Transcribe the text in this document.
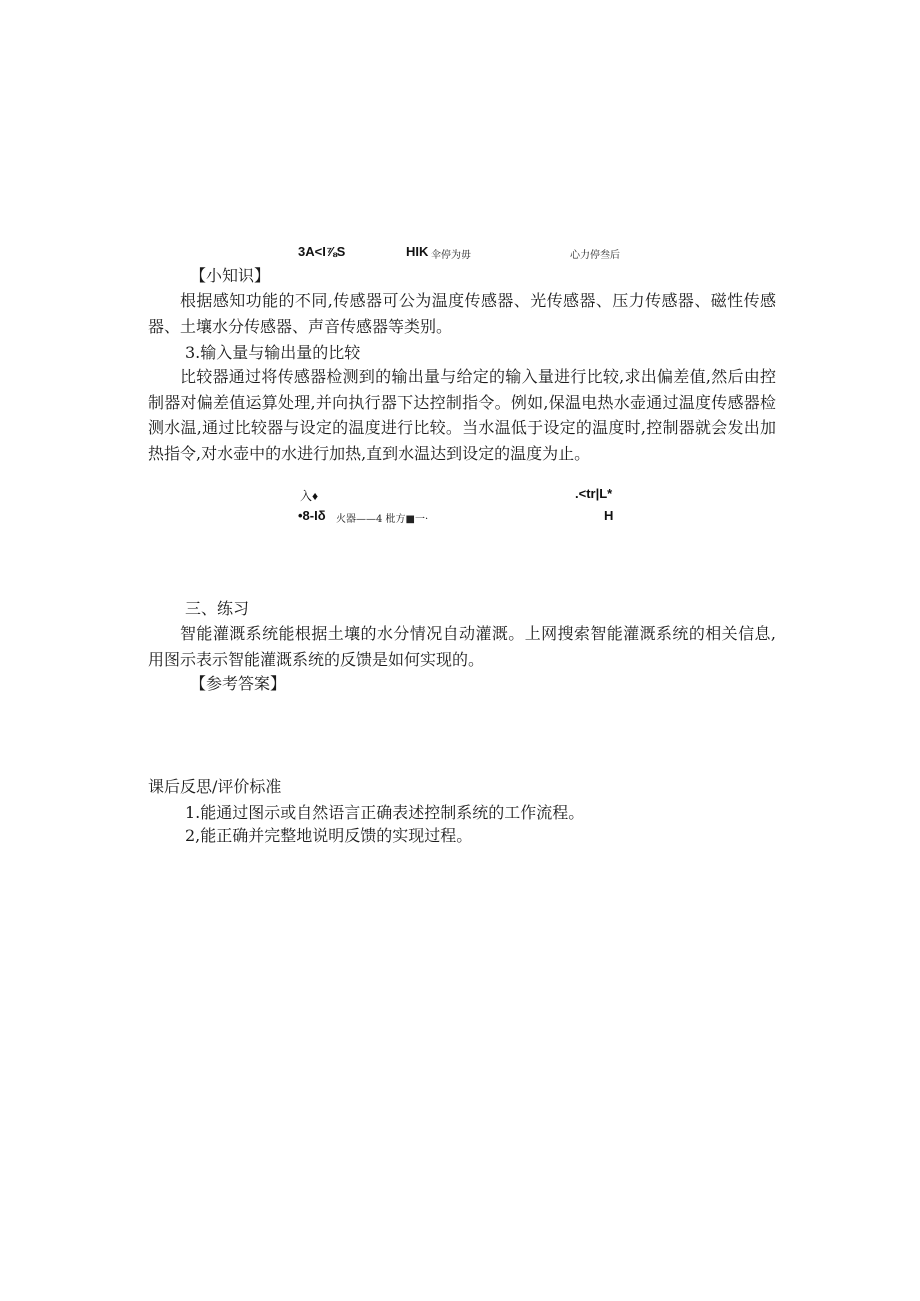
3A<I⅞S	HIK 伞停为毋	心力停叁后
【小知识】
根据感知功能的不同,传感器可公为温度传感器、光传感器、压力传感器、磁性传感器、土壤水分传感器、声音传感器等类别。
3.输入量与输出量的比较
比较器通过将传感器检测到的输出量与给定的输入量进行比较,求出偏差值,然后由控制器对偏差值运算处理,并向执行器下达控制指令。例如,保温电热水壶通过温度传感器检测水温,通过比较器与设定的温度进行比较。当水温低于设定的温度时,控制器就会发出加热指令,对水壶中的水进行加热,直到水温达到设定的温度为止。
入♦	.<tr|L*
•8-Iδ 火器——4 枇方■一·	H
三、练习
智能灌溉系统能根据土壤的水分情况自动灌溉。上网搜索智能灌溉系统的相关信息,用图示表示智能灌溉系统的反馈是如何实现的。
【参考答案】
课后反思/评价标准
1.能通过图示或自然语言正确表述控制系统的工作流程。
2,能正确并完整地说明反馈的实现过程。
